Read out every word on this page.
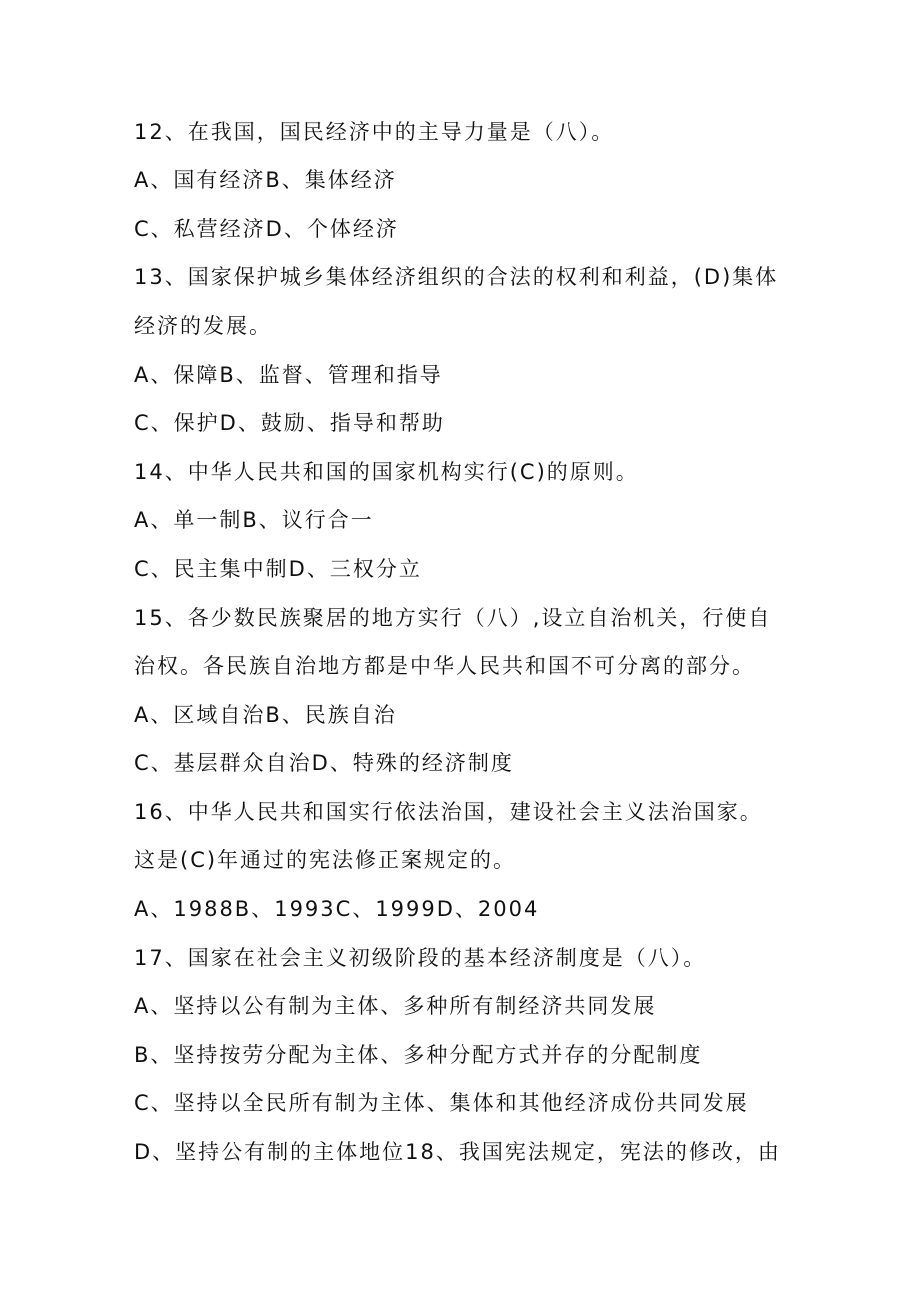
12、在我国，国民经济中的主导力量是（八）。
A、国有经济B、集体经济
C、私营经济D、个体经济
13、国家保护城乡集体经济组织的合法的权利和利益，(D)集体
经济的发展。
A、保障B、监督、管理和指导
C、保护D、鼓励、指导和帮助
14、中华人民共和国的国家机构实行(C)的原则。
A、单一制B、议行合一
C、民主集中制D、三权分立
15、各少数民族聚居的地方实行（八）,设立自治机关，行使自
治权。各民族自治地方都是中华人民共和国不可分离的部分。
A、区域自治B、民族自治
C、基层群众自治D、特殊的经济制度
16、中华人民共和国实行依法治国，建设社会主义法治国家。
这是(C)年通过的宪法修正案规定的。
A、1988B、1993C、1999D、2004
17、国家在社会主义初级阶段的基本经济制度是（八）。
A、坚持以公有制为主体、多种所有制经济共同发展
B、坚持按劳分配为主体、多种分配方式并存的分配制度
C、坚持以全民所有制为主体、集体和其他经济成份共同发展
D、坚持公有制的主体地位18、我国宪法规定，宪法的修改，由
